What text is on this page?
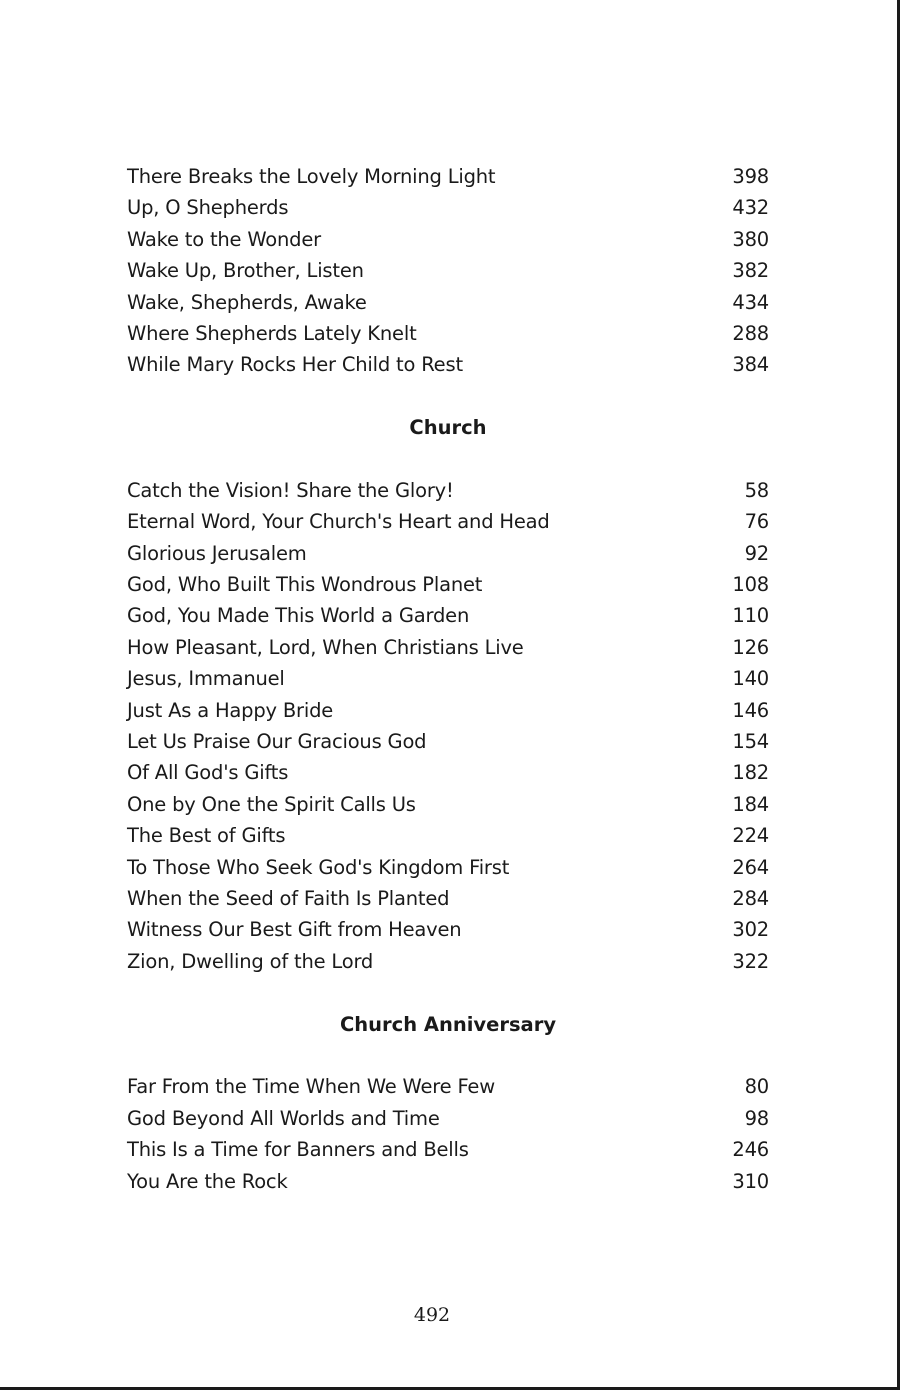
There Breaks the Lovely Morning Light	398
Up, O Shepherds	432
Wake to the Wonder	380
Wake Up, Brother, Listen	382
Wake, Shepherds, Awake	434
Where Shepherds Lately Knelt	288
While Mary Rocks Her Child to Rest	384
Church
Catch the Vision! Share the Glory!	58
Eternal Word, Your Church's Heart and Head	76
Glorious Jerusalem	92
God, Who Built This Wondrous Planet	108
God, You Made This World a Garden	110
How Pleasant, Lord, When Christians Live	126
Jesus, Immanuel	140
Just As a Happy Bride	146
Let Us Praise Our Gracious God	154
Of All God's Gifts	182
One by One the Spirit Calls Us	184
The Best of Gifts	224
To Those Who Seek God's Kingdom First	264
When the Seed of Faith Is Planted	284
Witness Our Best Gift from Heaven	302
Zion, Dwelling of the Lord	322
Church Anniversary
Far From the Time When We Were Few	80
God Beyond All Worlds and Time	98
This Is a Time for Banners and Bells	246
You Are the Rock	310
492
